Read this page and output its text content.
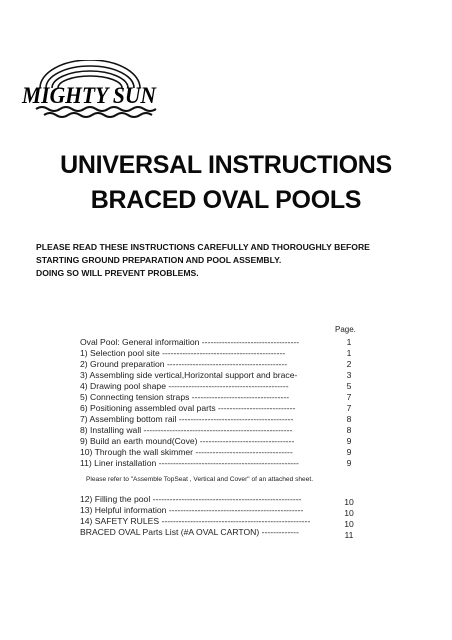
MIGHTY SUN
UNIVERSAL INSTRUCTIONS
BRACED OVAL POOLS
PLEASE READ THESE INSTRUCTIONS CAREFULLY AND THOROUGHLY BEFORE
STARTING GROUND PREPARATION AND POOL ASSEMBLY.
DOING SO WILL PREVENT PROBLEMS.
Page.
Oval Pool: General informaition ----------------------------------	1
1) Selection pool site -------------------------------------------	1
2) Ground preparation ------------------------------------------	2
3) Assembling side vertical,Horizontal support and brace-	3
4) Drawing pool shape ------------------------------------------	5
5) Connecting tension straps ----------------------------------	7
6) Positioning assembled oval parts ---------------------------	7
7) Assembling bottom rail ----------------------------------------	8
8) Installing wall ----------------------------------------------------	8
9) Build an earth mound(Cove) ---------------------------------	9
10) Through the wall skimmer ----------------------------------	9
11) Liner installation -------------------------------------------------	9
Please refer to "Assemble TopSeat , Vertical and Cover" of an attached sheet.
12) Filling the pool ----------------------------------------------------	10
13) Helpful information -----------------------------------------------	10
14) SAFETY RULES ----------------------------------------------------	10
BRACED OVAL Parts List (#A OVAL CARTON) -------------	11
